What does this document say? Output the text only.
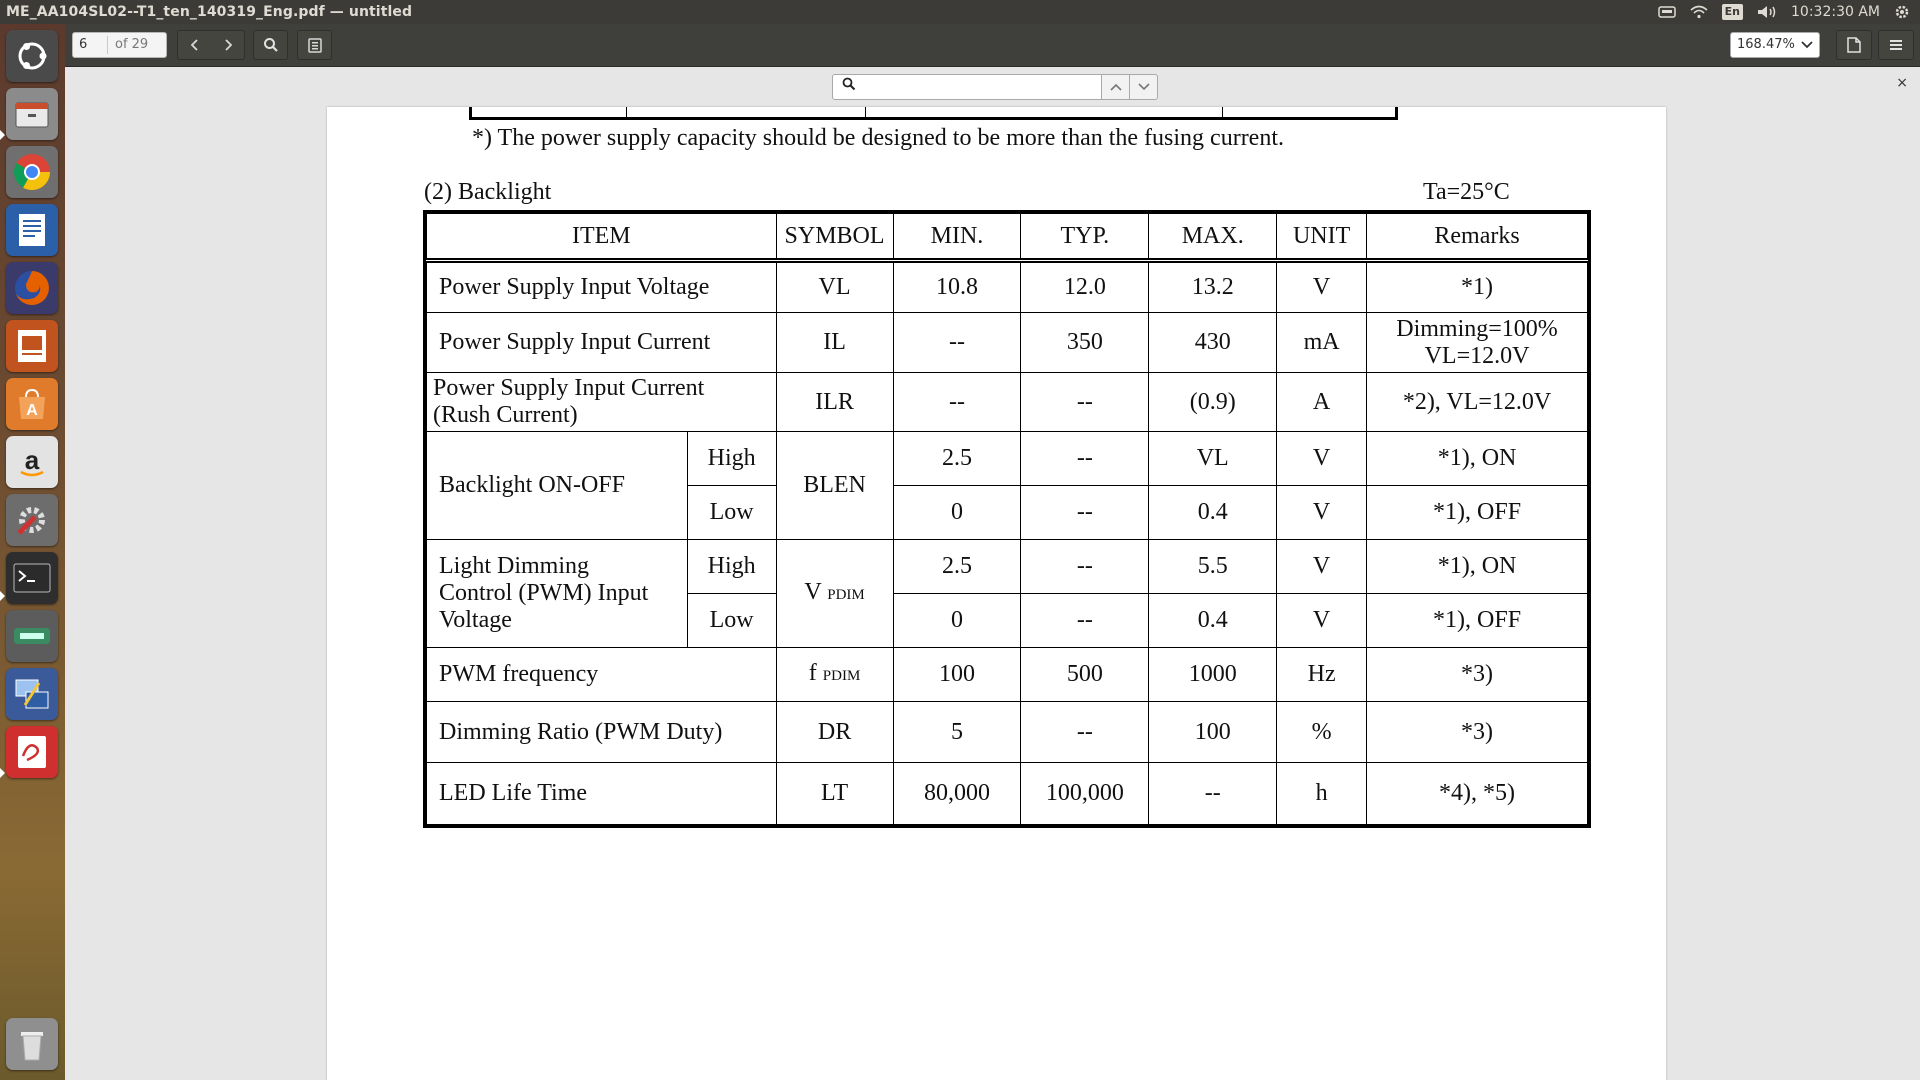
ME_AA104SL02--T1_ten_140319_Eng.pdf — untitled	En	10:32:30 AM
A
a
6 of 29	168.47%
*) The power supply capacity should be designed to be more than the fusing current.
(2) Backlight	Ta=25°C
ITEM		SYMBOL	MIN.	TYP.	MAX.	UNIT	Remarks
Power Supply Input Voltage		VL	10.8	12.0	13.2	V	*1)
Power Supply Input Current		IL	--	350	430	mA	Dimming=100%
VL=12.0V

Power Supply Input Current
(Rush Current)		ILR	--	--	(0.9)	A	*2), VL=12.0V
Backlight ON-OFF	High	BLEN	2.5	--	VL	V	*1), ON
	Low		0	--	0.4	V	*1), OFF

Light Dimming
Control (PWM) Input
Voltage	High	V PDIM	2.5	--	5.5	V	*1), ON
	Low		0	--	0.4	V	*1), OFF
PWM frequency		f PDIM	100	500	1000	Hz	*3)
Dimming Ratio (PWM Duty)		DR	5	--	100	%	*3)
LED Life Time		LT	80,000	100,000	--	h	*4), *5)
×
